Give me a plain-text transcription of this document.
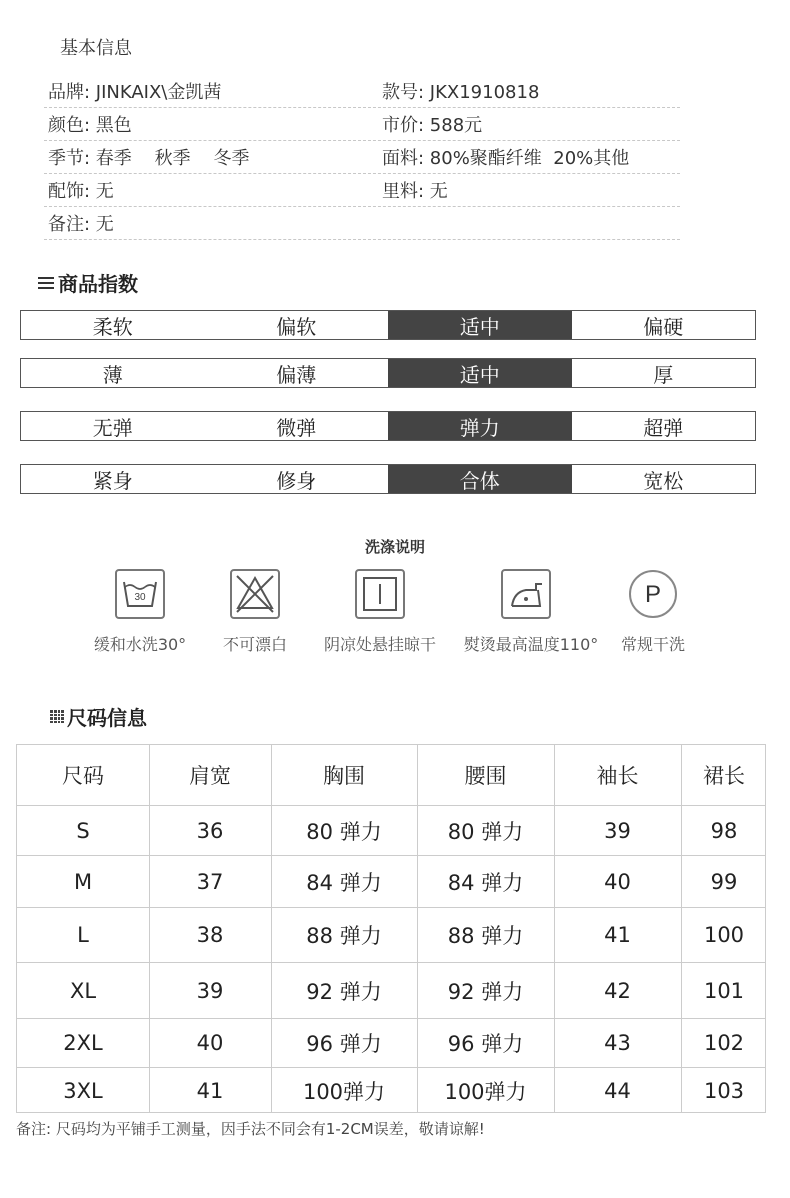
基本信息
品牌: JINKAIX\金凯茜	款号: JKX1910818
颜色: 黑色	市价: 588元
季节: 春季    秋季    冬季	面料: 80%聚酯纤维  20%其他
配饰: 无	里料: 无
备注: 无
商品指数
柔软	偏软	适中	偏硬
薄	偏薄	适中	厚
无弹	微弹	弹力	超弹
紧身	修身	合体	宽松
洗涤说明
30	P
缓和水洗30°	不可漂白	阴凉处悬挂晾干	熨烫最高温度110°	常规干洗
尺码信息
尺码	肩宽	胸围	腰围	袖长	裙长
S	36	80 弹力	80 弹力	39	98
M	37	84 弹力	84 弹力	40	99
L	38	88 弹力	88 弹力	41	100
XL	39	92 弹力	92 弹力	42	101
2XL	40	96 弹力	96 弹力	43	102
3XL	41	100弹力	100弹力	44	103
备注: 尺码均为平铺手工测量，因手法不同会有1-2CM误差，敬请谅解!
